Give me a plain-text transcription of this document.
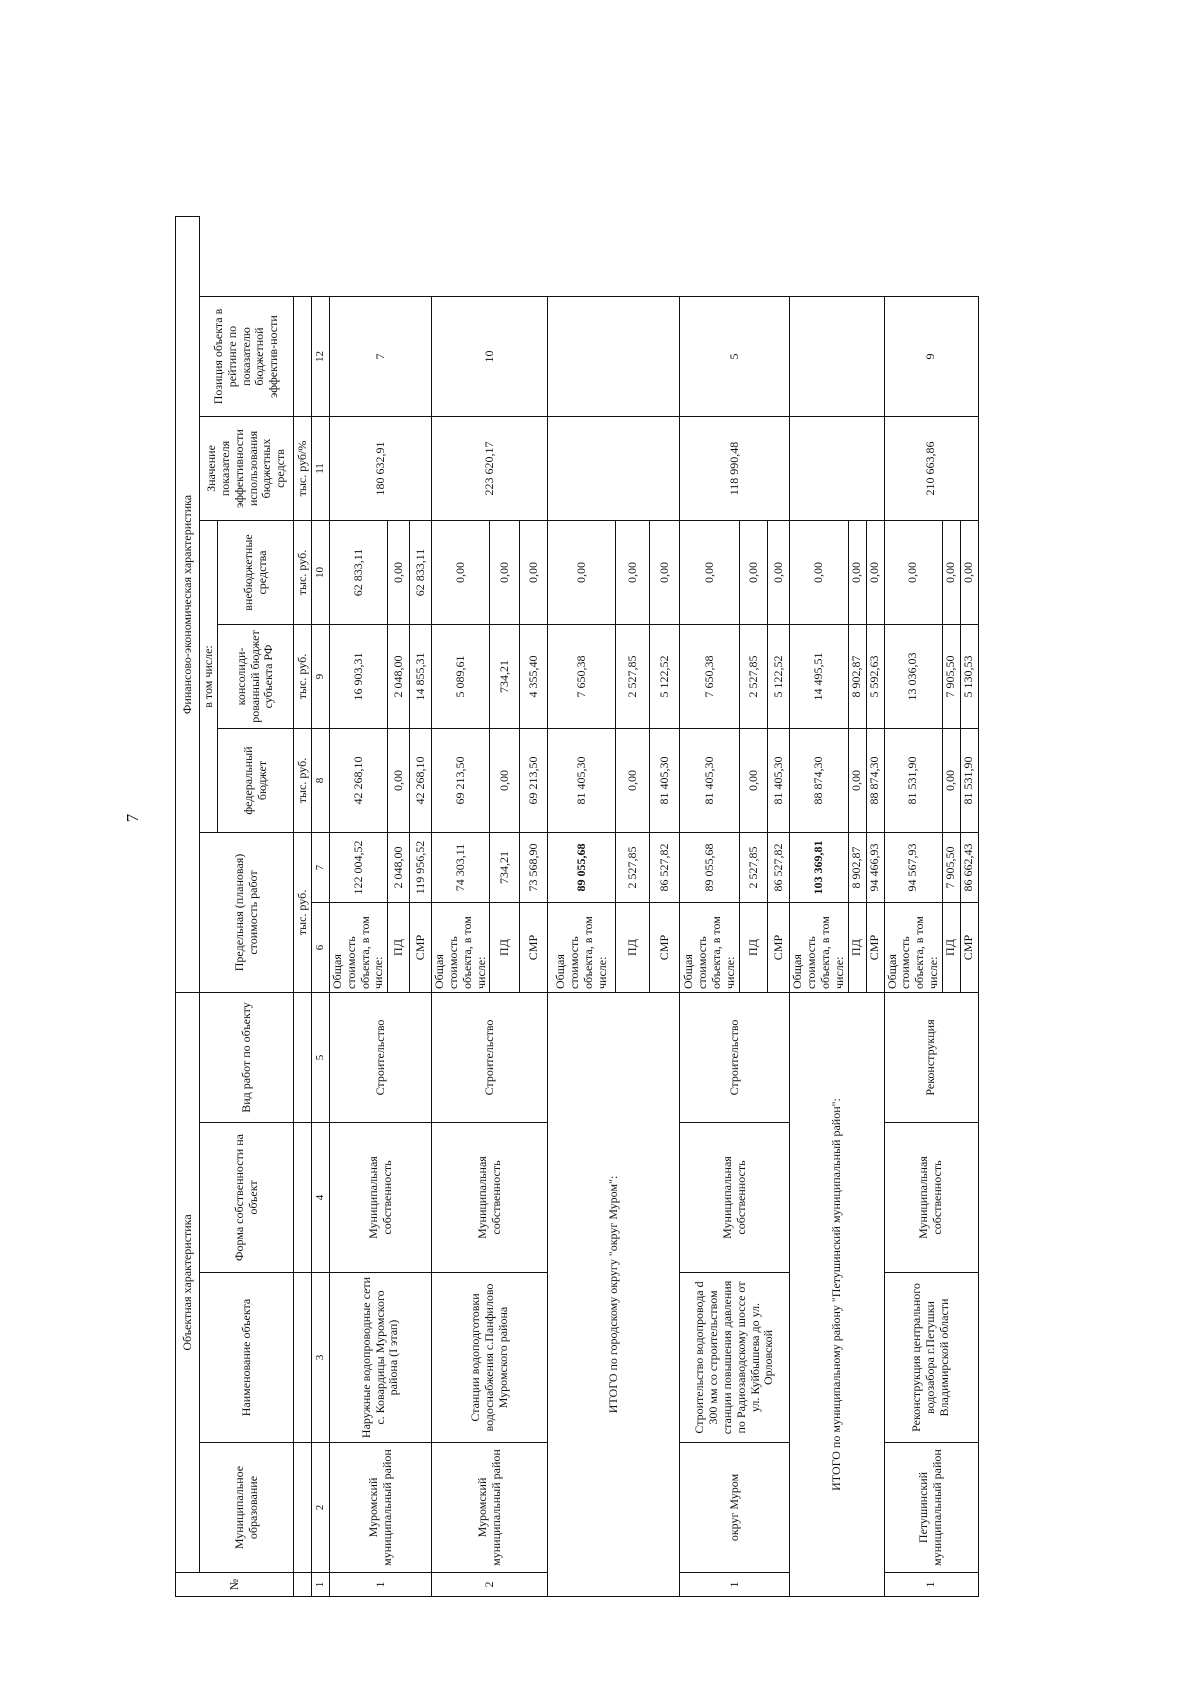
7
№	Объектная характеристика				Финансово-экономическая характеристика								
	Муниципальное образование	Наименование объекта	Форма собственности на объект	Вид работ по объекту	Предельная (плановая) стоимость работ		в том числе:			Значение показателя эффективности использования бюджетных средств	Позиция объекта в рейтинге по показателю бюджетной эффектив-ности		
							федеральный бюджет	консолиди-рованный бюджет субъекта РФ	внебюджетные средства				
					тыс. руб.		тыс. руб.	тыс. руб.	тыс. руб.	тыс. руб/%			
1	2	3	4	5	6	7	8	9	10	11	12		
1	Муромский муниципальный район	Наружные водопроводные сети с. Ковардицы Муромского района (I этап)	Муниципальная собственность	Строительство	Общая стоимость объекта, в том числе:	122 004,52	42 268,10	16 903,31	62 833,11	180 632,91	7		
					ПД	2 048,00	0,00	2 048,00	0,00				
					СМР	119 956,52	42 268,10	14 855,31	62 833,11				
2	Муромский муниципальный район	Станции водоподготовки водоснабжения с.Панфилово Муромского района	Муниципальная собственность	Строительство	Общая стоимость объекта, в том числе:	74 303,11	69 213,50	5 089,61	0,00	223 620,17	10		
					ПД	734,21	0,00	734,21	0,00				
					СМР	73 568,90	69 213,50	4 355,40	0,00				
ИТОГО по городскому округу "округ Муром":					Общая стоимость объекта, в том числе:	89 055,68	81 405,30	7 650,38	0,00				
					ПД	2 527,85	0,00	2 527,85	0,00				
					СМР	86 527,82	81 405,30	5 122,52	0,00				
1	округ Муром	Строительство водопровода d 300 мм со строительством станции повышения давления по Радиозаводскому шоссе от ул. Куйбышева до ул. Орловской	Муниципальная собственность	Строительство	Общая стоимость объекта, в том числе:	89 055,68	81 405,30	7 650,38	0,00	118 990,48	5		
					ПД	2 527,85	0,00	2 527,85	0,00				
					СМР	86 527,82	81 405,30	5 122,52	0,00				
ИТОГО по муниципальному району "Петушинский муниципальный район":					Общая стоимость объекта, в том числе:	103 369,81	88 874,30	14 495,51	0,00				
					ПД	8 902,87	0,00	8 902,87	0,00				
					СМР	94 466,93	88 874,30	5 592,63	0,00				
1	Петушинский муниципальный район	Реконструкция центрального водозабора г.Петушки Владимирской области	Муниципальная собственность	Реконструкция	Общая стоимость объекта, в том числе:	94 567,93	81 531,90	13 036,03	0,00	210 663,86	9		
					ПД	7 905,50	0,00	7 905,50	0,00				
					СМР	86 662,43	81 531,90	5 130,53	0,00				
